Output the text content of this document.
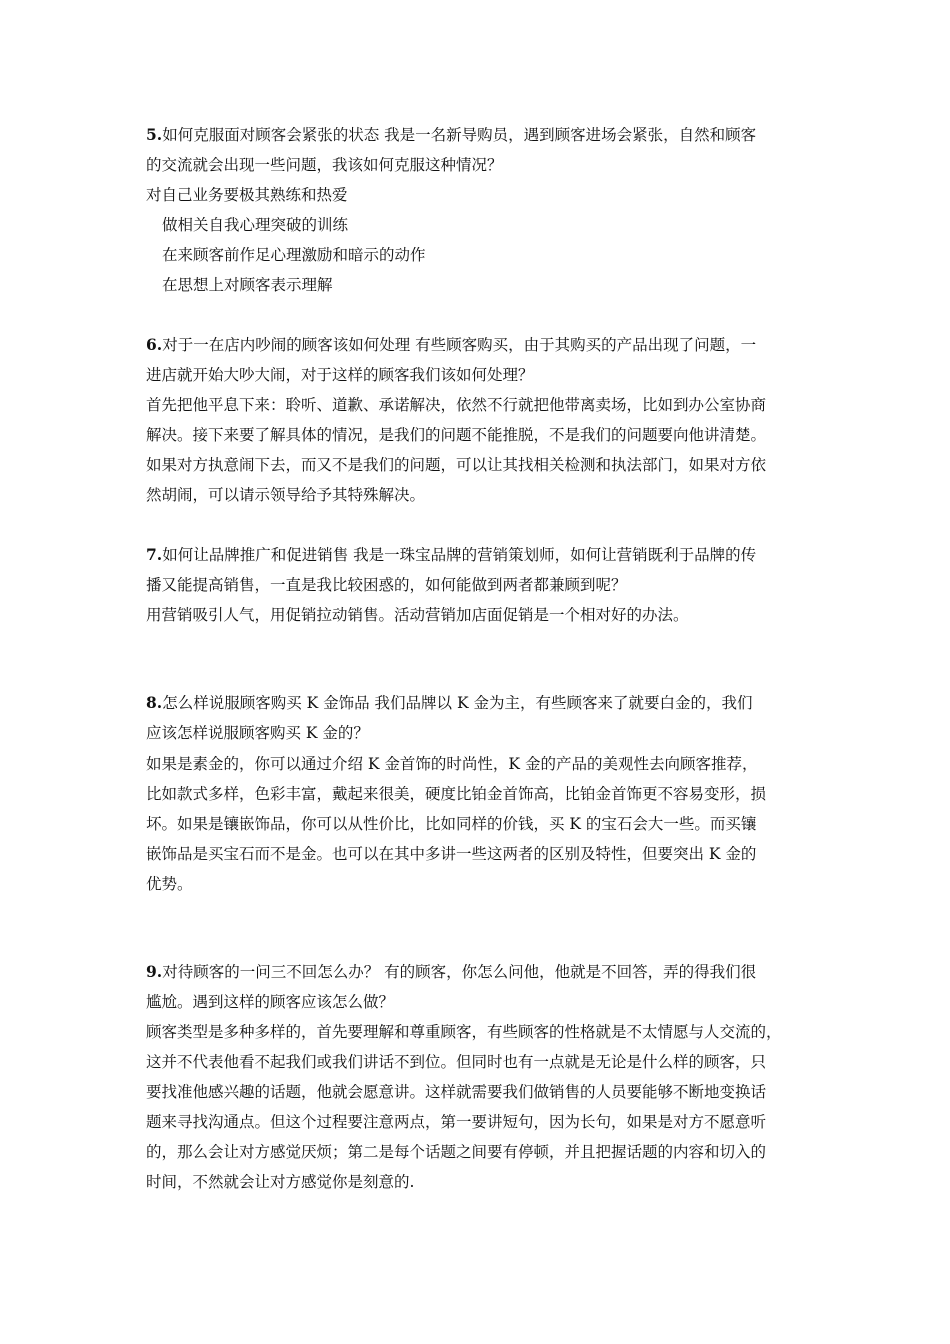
5.如何克服面对顾客会紧张的状态 我是一名新导购员，遇到顾客进场会紧张，自然和顾客
的交流就会出现一些问题，我该如何克服这种情况？
对自己业务要极其熟练和热爱
做相关自我心理突破的训练
在来顾客前作足心理激励和暗示的动作
在思想上对顾客表示理解
6.对于一在店内吵闹的顾客该如何处理 有些顾客购买，由于其购买的产品出现了问题，一
进店就开始大吵大闹，对于这样的顾客我们该如何处理？
首先把他平息下来：聆听、道歉、承诺解决，依然不行就把他带离卖场，比如到办公室协商
解决。接下来要了解具体的情况，是我们的问题不能推脱，不是我们的问题要向他讲清楚。
如果对方执意闹下去，而又不是我们的问题，可以让其找相关检测和执法部门，如果对方依
然胡闹，可以请示领导给予其特殊解决。
7.如何让品牌推广和促进销售 我是一珠宝品牌的营销策划师，如何让营销既利于品牌的传
播又能提高销售，一直是我比较困惑的，如何能做到两者都兼顾到呢？
用营销吸引人气，用促销拉动销售。活动营销加店面促销是一个相对好的办法。
8.怎么样说服顾客购买 K 金饰品 我们品牌以 K 金为主，有些顾客来了就要白金的，我们
应该怎样说服顾客购买 K 金的？
如果是素金的，你可以通过介绍 K 金首饰的时尚性，K 金的产品的美观性去向顾客推荐，
比如款式多样，色彩丰富，戴起来很美，硬度比铂金首饰高，比铂金首饰更不容易变形，损
坏。如果是镶嵌饰品，你可以从性价比，比如同样的价钱，买 K 的宝石会大一些。而买镶
嵌饰品是买宝石而不是金。也可以在其中多讲一些这两者的区别及特性，但要突出 K 金的
优势。
9.对待顾客的一问三不回怎么办？ 有的顾客，你怎么问他，他就是不回答，弄的得我们很
尴尬。遇到这样的顾客应该怎么做？
顾客类型是多种多样的，首先要理解和尊重顾客，有些顾客的性格就是不太情愿与人交流的，
这并不代表他看不起我们或我们讲话不到位。但同时也有一点就是无论是什么样的顾客，只
要找准他感兴趣的话题，他就会愿意讲。这样就需要我们做销售的人员要能够不断地变换话
题来寻找沟通点。但这个过程要注意两点，第一要讲短句，因为长句，如果是对方不愿意听
的，那么会让对方感觉厌烦；第二是每个话题之间要有停顿，并且把握话题的内容和切入的
时间，不然就会让对方感觉你是刻意的.
